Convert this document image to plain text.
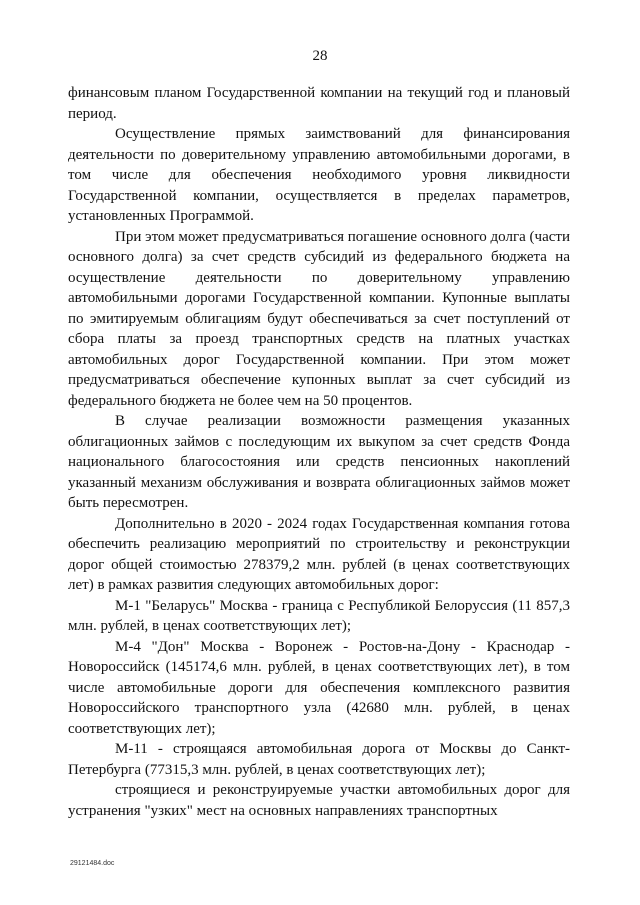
28

финансовым планом Государственной компании на текущий год и плановый период.

Осуществление прямых заимствований для финансирования деятельности по доверительному управлению автомобильными дорогами, в том числе для обеспечения необходимого уровня ликвидности Государственной компании, осуществляется в пределах параметров, установленных Программой.

При этом может предусматриваться погашение основного долга (части основного долга) за счет средств субсидий из федерального бюджета на осуществление деятельности по доверительному управлению автомобильными дорогами Государственной компании. Купонные выплаты по эмитируемым облигациям будут обеспечиваться за счет поступлений от сбора платы за проезд транспортных средств на платных участках автомобильных дорог Государственной компании. При этом может предусматриваться обеспечение купонных выплат за счет субсидий из федерального бюджета не более чем на 50 процентов.

В случае реализации возможности размещения указанных облигационных займов с последующим их выкупом за счет средств Фонда национального благосостояния или средств пенсионных накоплений указанный механизм обслуживания и возврата облигационных займов может быть пересмотрен.

Дополнительно в 2020 - 2024 годах Государственная компания готова обеспечить реализацию мероприятий по строительству и реконструкции дорог общей стоимостью 278379,2 млн. рублей (в ценах соответствующих лет) в рамках развития следующих автомобильных дорог:

М-1 "Беларусь" Москва - граница с Республикой Белоруссия (11 857,3 млн. рублей, в ценах соответствующих лет);

М-4 "Дон" Москва - Воронеж - Ростов-на-Дону - Краснодар - Новороссийск (145174,6 млн. рублей, в ценах соответствующих лет), в том числе автомобильные дороги для обеспечения комплексного развития Новороссийского транспортного узла (42680 млн. рублей, в ценах соответствующих лет);

М-11 - строящаяся автомобильная дорога от Москвы до Санкт-Петербурга (77315,3 млн. рублей, в ценах соответствующих лет);

строящиеся и реконструируемые участки автомобильных дорог для устранения "узких" мест на основных направлениях транспортных

29121484.doc
